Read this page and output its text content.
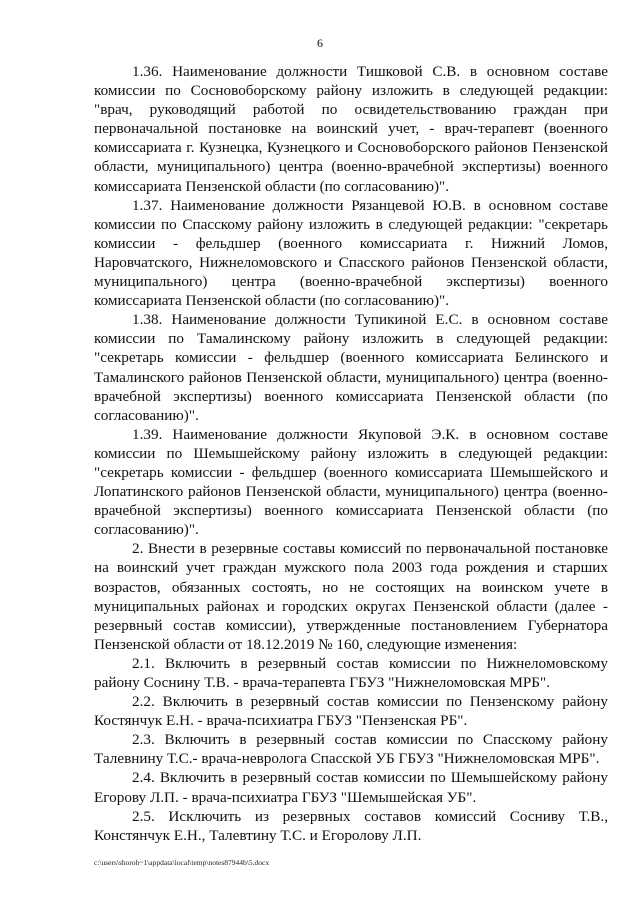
6

1.36. Наименование должности Тишковой С.В. в основном составе комиссии по Сосновоборскому району изложить в следующей редакции: "врач, руководящий работой по освидетельствованию граждан при первоначальной постановке на воинский учет, - врач-терапевт (военного комиссариата г. Кузнецка, Кузнецкого и Сосновоборского районов Пензенской области, муниципального) центра (военно-врачебной экспертизы) военного комиссариата Пензенской области (по согласованию)".

1.37. Наименование должности Рязанцевой Ю.В. в основном составе комиссии по Спасскому району изложить в следующей редакции: "секретарь комиссии - фельдшер (военного комиссариата г. Нижний Ломов, Наровчатского, Нижнеломовского и Спасского районов Пензенской области, муниципального) центра (военно-врачебной экспертизы) военного комиссариата Пензенской области (по согласованию)".

1.38. Наименование должности Тупикиной Е.С. в основном составе комиссии по Тамалинскому району изложить в следующей редакции: "секретарь комиссии - фельдшер (военного комиссариата Белинского и Тамалинского районов Пензенской области, муниципального) центра (военно-врачебной экспертизы) военного комиссариата Пензенской области (по согласованию)".

1.39. Наименование должности Якуповой Э.К. в основном составе комиссии по Шемышейскому району изложить в следующей редакции: "секретарь комиссии - фельдшер (военного комиссариата Шемышейского и Лопатинского районов Пензенской области, муниципального) центра (военно-врачебной экспертизы) военного комиссариата Пензенской области (по согласованию)".

2. Внести в резервные составы комиссий по первоначальной постановке на воинский учет граждан мужского пола 2003 года рождения и старших возрастов, обязанных состоять, но не состоящих на воинском учете в муниципальных районах и городских округах Пензенской области (далее - резервный состав комиссии), утвержденные постановлением Губернатора Пензенской области от 18.12.2019 № 160, следующие изменения:

2.1. Включить в резервный состав комиссии по Нижнеломовскому району Соснину Т.В. - врача-терапевта ГБУЗ "Нижнеломовская МРБ".

2.2. Включить в резервный состав комиссии по Пензенскому району Костянчук Е.Н. - врача-психиатра ГБУЗ "Пензенская РБ".

2.3. Включить в резервный состав комиссии по Спасскому району Талевнину Т.С.- врача-невролога Спасской УБ ГБУЗ "Нижнеломовская МРБ".

2.4. Включить в резервный состав комиссии по Шемышейскому району Егорову Л.П. - врача-психиатра ГБУЗ "Шемышейская УБ".

2.5. Исключить из резервных составов комиссий Сосниву Т.В., Констянчук Е.Н., Талевтину Т.С. и Егоролову Л.П.

c:\users\shoroh~1\appdata\local\temp\notes87944b\5.docx
